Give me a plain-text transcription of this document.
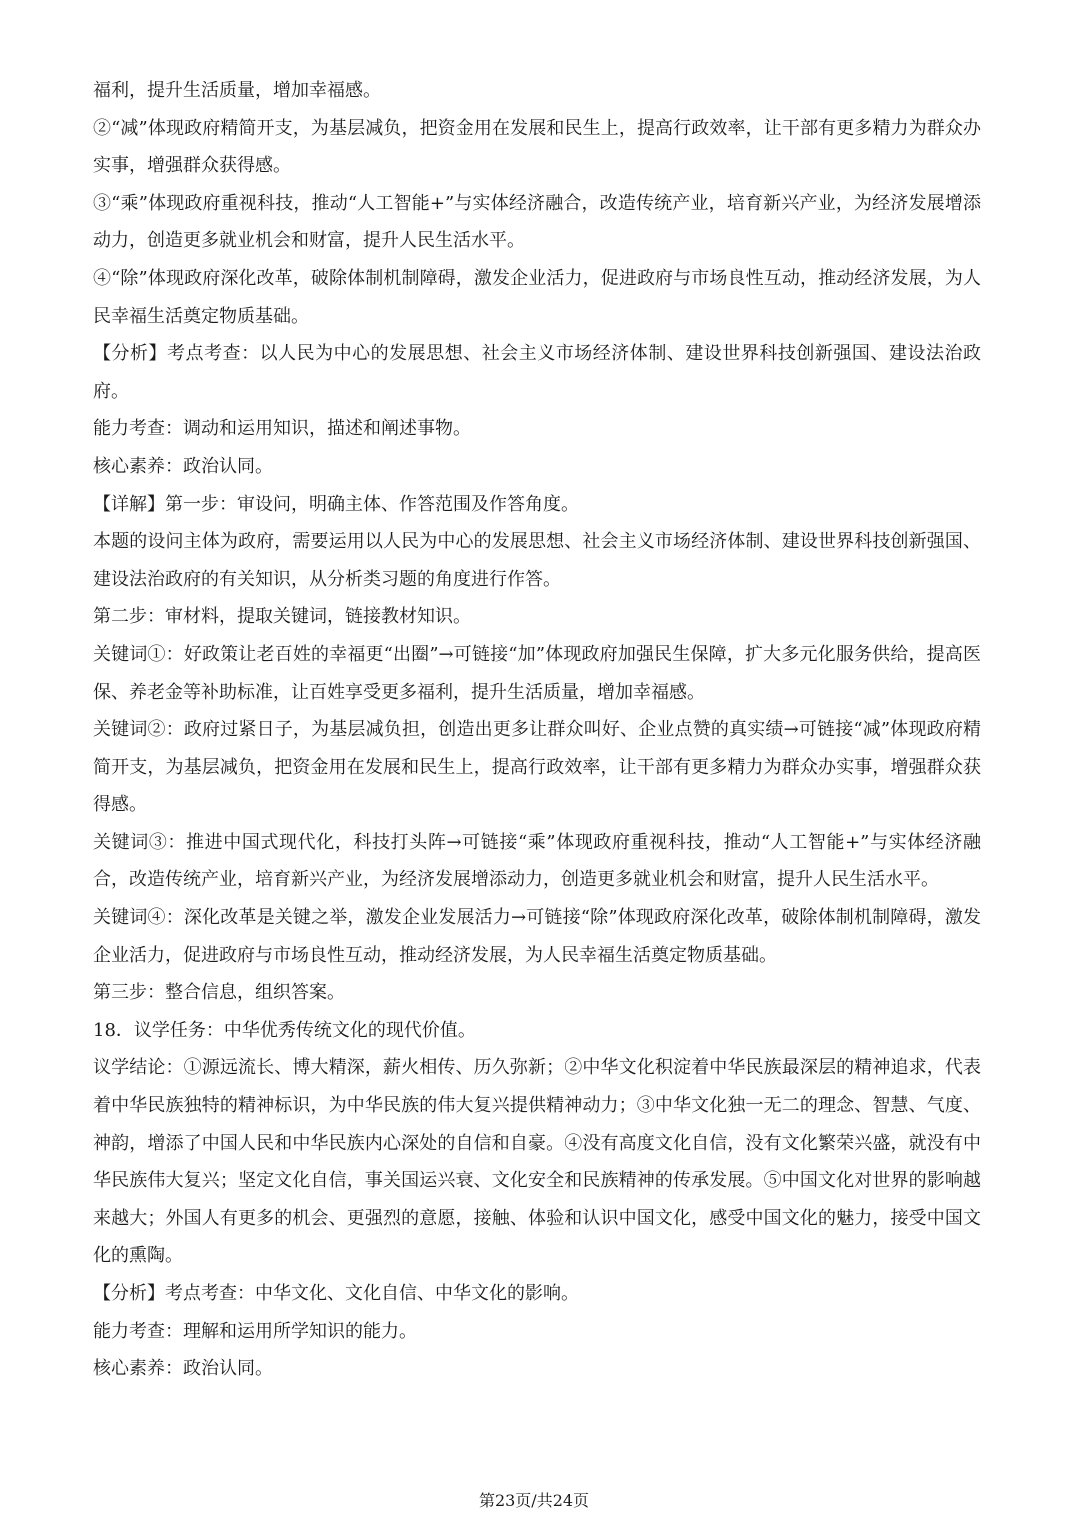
福利，提升生活质量，增加幸福感。

②“减”体现政府精简开支，为基层减负，把资金用在发展和民生上，提高行政效率，让干部有更多精力为群众办实事，增强群众获得感。

③“乘”体现政府重视科技，推动“人工智能+”与实体经济融合，改造传统产业，培育新兴产业，为经济发展增添动力，创造更多就业机会和财富，提升人民生活水平。

④“除”体现政府深化改革，破除体制机制障碍，激发企业活力，促进政府与市场良性互动，推动经济发展，为人民幸福生活奠定物质基础。

【分析】考点考查：以人民为中心的发展思想、社会主义市场经济体制、建设世界科技创新强国、建设法治政府。

能力考查：调动和运用知识，描述和阐述事物。

核心素养：政治认同。

【详解】第一步：审设问，明确主体、作答范围及作答角度。

本题的设问主体为政府，需要运用以人民为中心的发展思想、社会主义市场经济体制、建设世界科技创新强国、建设法治政府的有关知识，从分析类习题的角度进行作答。

第二步：审材料，提取关键词，链接教材知识。

关键词①：好政策让老百姓的幸福更“出圈”→可链接“加”体现政府加强民生保障，扩大多元化服务供给，提高医保、养老金等补助标准，让百姓享受更多福利，提升生活质量，增加幸福感。

关键词②：政府过紧日子，为基层减负担，创造出更多让群众叫好、企业点赞的真实绩→可链接“减”体现政府精简开支，为基层减负，把资金用在发展和民生上，提高行政效率，让干部有更多精力为群众办实事，增强群众获得感。

关键词③：推进中国式现代化，科技打头阵→可链接“乘”体现政府重视科技，推动“人工智能+”与实体经济融合，改造传统产业，培育新兴产业，为经济发展增添动力，创造更多就业机会和财富，提升人民生活水平。

关键词④：深化改革是关键之举，激发企业发展活力→可链接“除”体现政府深化改革，破除体制机制障碍，激发企业活力，促进政府与市场良性互动，推动经济发展，为人民幸福生活奠定物质基础。

第三步：整合信息，组织答案。

18．议学任务：中华优秀传统文化的现代价值。

议学结论：①源远流长、博大精深，薪火相传、历久弥新；②中华文化积淀着中华民族最深层的精神追求，代表着中华民族独特的精神标识，为中华民族的伟大复兴提供精神动力；③中华文化独一无二的理念、智慧、气度、神韵，增添了中国人民和中华民族内心深处的自信和自豪。④没有高度文化自信，没有文化繁荣兴盛，就没有中华民族伟大复兴；坚定文化自信，事关国运兴衰、文化安全和民族精神的传承发展。⑤中国文化对世界的影响越来越大；外国人有更多的机会、更强烈的意愿，接触、体验和认识中国文化，感受中国文化的魅力，接受中国文化的熏陶。

【分析】考点考查：中华文化、文化自信、中华文化的影响。

能力考查：理解和运用所学知识的能力。

核心素养：政治认同。

第23页/共24页
